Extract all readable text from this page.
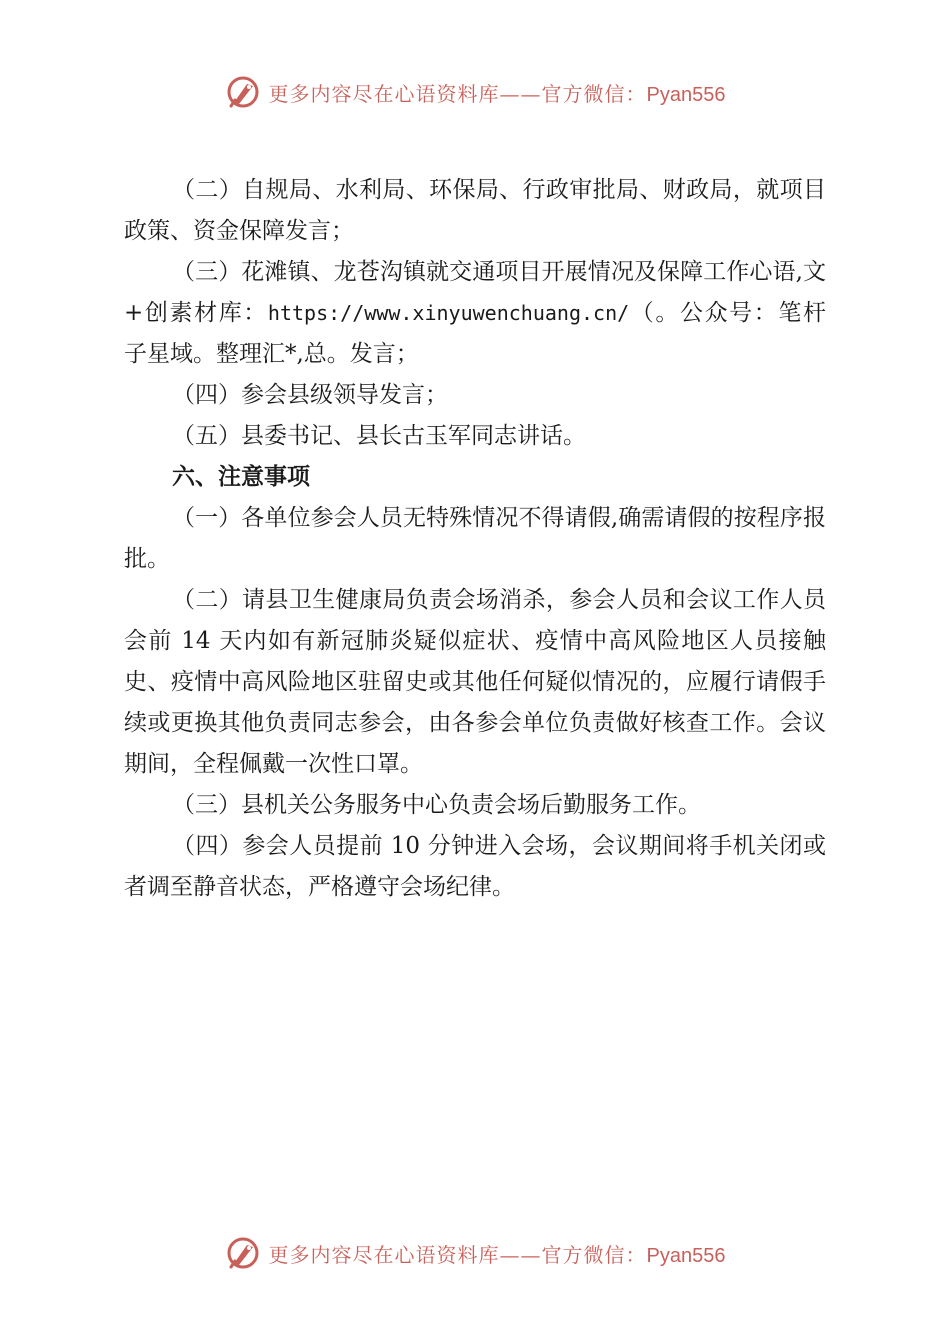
更多内容尽在心语资料库——官方微信：Pyan556

（二）自规局、水利局、环保局、行政审批局、财政局，就项目政策、资金保障发言；

（三）花滩镇、龙苍沟镇就交通项目开展情况及保障工作心语,文+创素材库：https://www.xinyuwenchuang.cn/（。公众号：笔杆子星域。整理汇*,总。发言；

（四）参会县级领导发言；

（五）县委书记、县长古玉军同志讲话。

六、注意事项

（一）各单位参会人员无特殊情况不得请假,确需请假的按程序报批。

（二）请县卫生健康局负责会场消杀，参会人员和会议工作人员会前 14 天内如有新冠肺炎疑似症状、疫情中高风险地区人员接触史、疫情中高风险地区驻留史或其他任何疑似情况的，应履行请假手续或更换其他负责同志参会，由各参会单位负责做好核查工作。会议期间，全程佩戴一次性口罩。

（三）县机关公务服务中心负责会场后勤服务工作。

（四）参会人员提前 10 分钟进入会场，会议期间将手机关闭或者调至静音状态，严格遵守会场纪律。

更多内容尽在心语资料库——官方微信：Pyan556
